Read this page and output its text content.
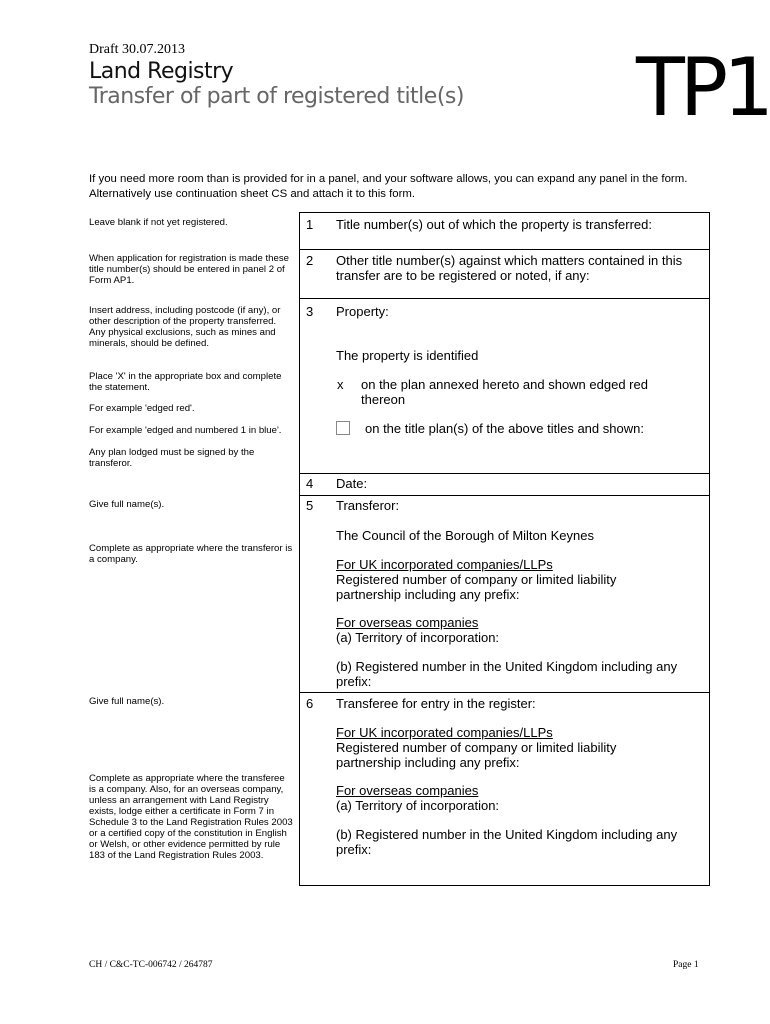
Draft 30.07.2013
Land Registry
Transfer of part of registered title(s) TP1
If you need more room than is provided for in a panel, and your software allows, you can expand any panel in the form. Alternatively use continuation sheet CS and attach it to this form.
Leave blank if not yet registered.
When application for registration is made these title number(s) should be entered in panel 2 of Form AP1.
Insert address, including postcode (if any), or other description of the property transferred. Any physical exclusions, such as mines and minerals, should be defined.
Place 'X' in the appropriate box and complete the statement.
For example 'edged red'.
For example 'edged and numbered 1 in blue'.
Any plan lodged must be signed by the transferor.
Give full name(s).
Complete as appropriate where the transferor is a company.
Give full name(s).
Complete as appropriate where the transferee is a company. Also, for an overseas company, unless an arrangement with Land Registry exists, lodge either a certificate in Form 7 in Schedule 3 to the Land Registration Rules 2003 or a certified copy of the constitution in English or Welsh, or other evidence permitted by rule 183 of the Land Registration Rules 2003.
1 Title number(s) out of which the property is transferred:
2 Other title number(s) against which matters contained in this transfer are to be registered or noted, if any:
3 Property:
The property is identified
x	on the plan annexed hereto and shown edged red thereon
on the title plan(s) of the above titles and shown:
4 Date:
5 Transferor:
The Council of the Borough of Milton Keynes
For UK incorporated companies/LLPs
Registered number of company or limited liability partnership including any prefix:
For overseas companies
(a) Territory of incorporation:
(b) Registered number in the United Kingdom including any prefix:
6 Transferee for entry in the register:
For UK incorporated companies/LLPs
Registered number of company or limited liability partnership including any prefix:
For overseas companies
(a) Territory of incorporation:
(b) Registered number in the United Kingdom including any prefix:
CH / C&C-TC-006742 / 264787	Page 1
